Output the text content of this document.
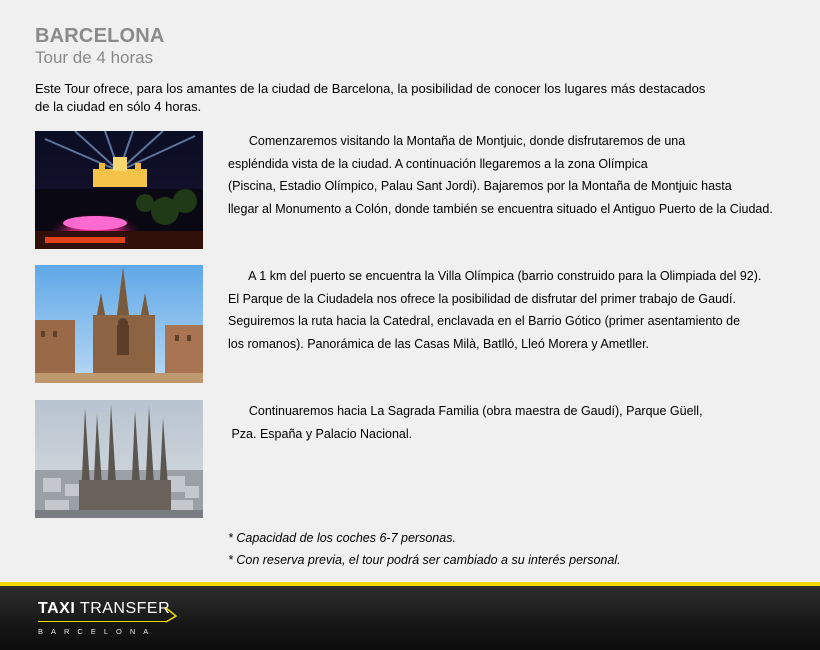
BARCELONA
Tour de 4 horas
Este Tour ofrece, para los amantes de la ciudad de Barcelona, la posibilidad de conocer los lugares más destacados
de la ciudad en sólo 4 horas.
Comenzaremos visitando la Montaña de Montjuic, donde disfrutaremos de una
espléndida vista de la ciudad. A continuación llegaremos a la zona Olímpica
(Piscina, Estadio Olímpico, Palau Sant Jordi). Bajaremos por la Montaña de Montjuic hasta
llegar al Monumento a Colón, donde también se encuentra situado el Antiguo Puerto de la Ciudad.
A 1 km del puerto se encuentra la Villa Olímpica (barrio construido para la Olimpiada del 92).
El Parque de la Ciudadela nos ofrece la posibilidad de disfrutar del primer trabajo de Gaudí.
Seguiremos la ruta hacia la Catedral, enclavada en el Barrio Gótico (primer asentamiento de
los romanos). Panorámica de las Casas Milà, Batlló, Lleó Morera y Ametller.
Continuaremos hacia La Sagrada Familia (obra maestra de Gaudí), Parque Güell,
Pza. España y Palacio Nacional.
* Capacidad de los coches 6-7 personas.
* Con reserva previa, el tour podrá ser cambiado a su interés personal.
TAXI TRANSFER
BARCELONA
